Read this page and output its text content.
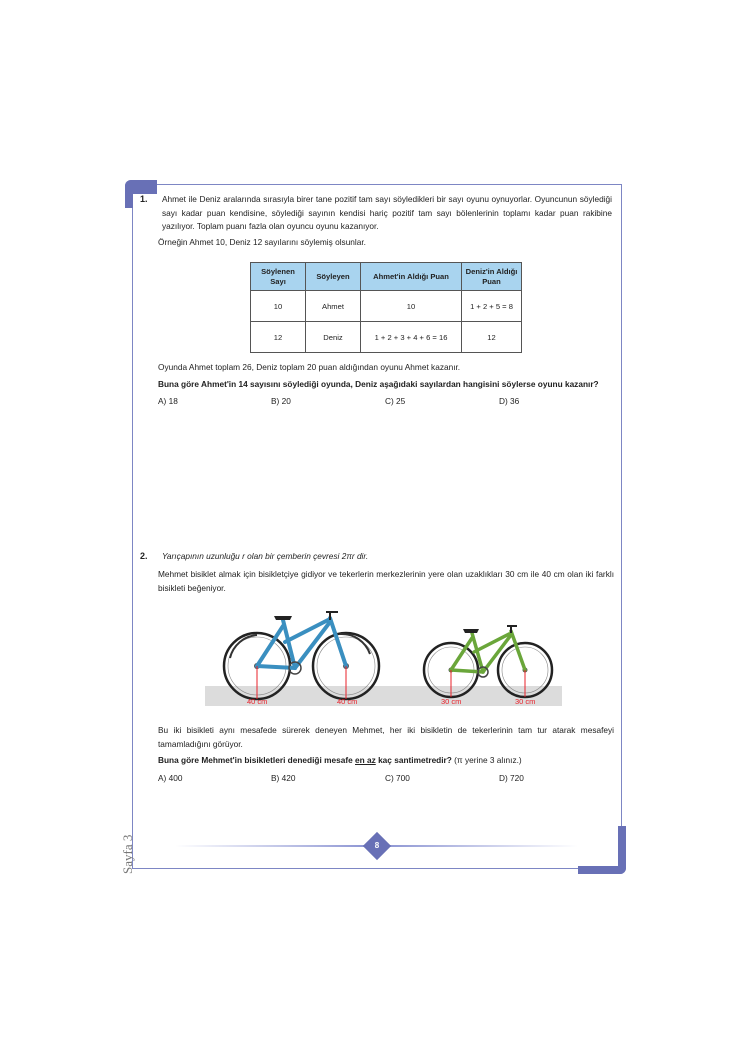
Sayfa 3
1. Ahmet ile Deniz aralarında sırasıyla birer tane pozitif tam sayı söyledikleri bir sayı oyunu oynuyorlar. Oyuncunun söylediği sayı kadar puan kendisine, söylediği sayının kendisi hariç pozitif tam sayı bölenlerinin toplamı kadar puan rakibine yazılıyor. Toplam puanı fazla olan oyuncu oyunu kazanıyor.
Örneğin Ahmet 10, Deniz 12 sayılarını söylemiş olsunlar.
Söylenen Sayı	Söyleyen	Ahmet'in Aldığı Puan	Deniz'in Aldığı Puan
10	Ahmet	10	1 + 2 + 5 = 8
12	Deniz	1 + 2 + 3 + 4 + 6 = 16	12
Oyunda Ahmet toplam 26, Deniz toplam 20 puan aldığından oyunu Ahmet kazanır.
Buna göre Ahmet'in 14 sayısını söylediği oyunda, Deniz aşağıdaki sayılardan hangisini söylerse oyunu kazanır?
A) 18	B) 20	C) 25	D) 36
2. Yarıçapının uzunluğu r olan bir çemberin çevresi 2πr dir.
Mehmet bisiklet almak için bisikletçiye gidiyor ve tekerlerin merkezlerinin yere olan uzaklıkları 30 cm ile 40 cm olan iki farklı bisikleti beğeniyor.
40 cm	40 cm	30 cm	30 cm
Bu iki bisikleti aynı mesafede sürerek deneyen Mehmet, her iki bisikletin de tekerlerinin tam tur atarak mesafeyi tamamladığını görüyor.
Buna göre Mehmet'in bisikletleri denediği mesafe en az kaç santimetredir? (π yerine 3 alınız.)
A) 400	B) 420	C) 700	D) 720
8
